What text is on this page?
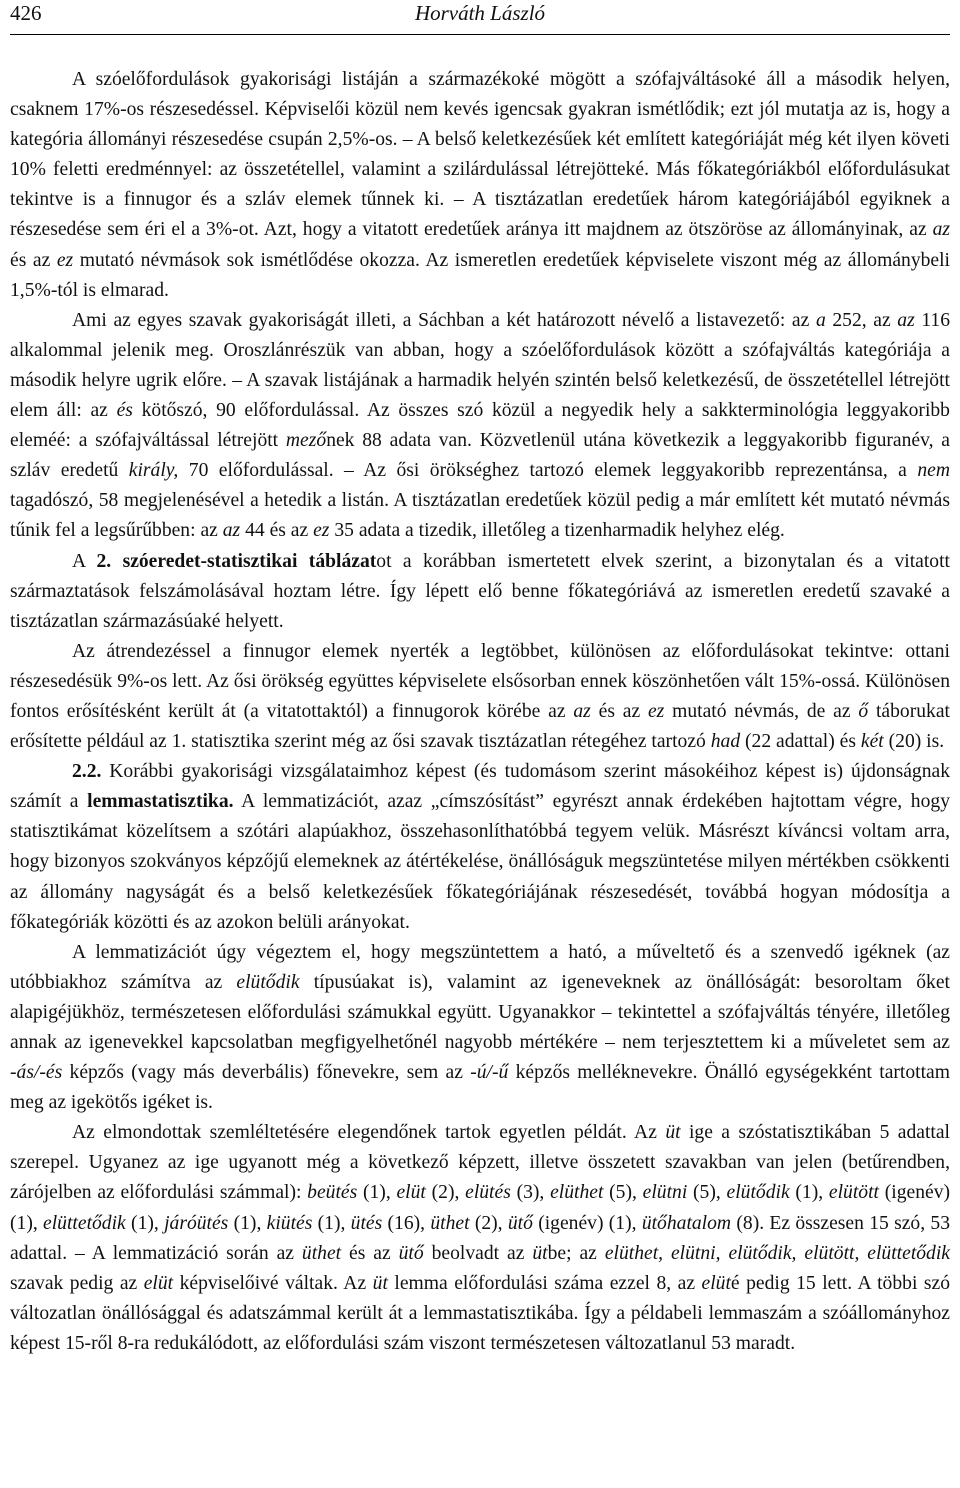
426	Horváth László

A szóelőfordulások gyakorisági listáján a származékoké mögött a szófajváltásoké áll a második helyen, csaknem 17%-os részesedéssel. Képviselői közül nem kevés igencsak gyakran ismétlődik; ezt jól mutatja az is, hogy a kategória állományi részesedése csupán 2,5%-os. – A belső keletkezésűek két említett kategóriáját még két ilyen követi 10% feletti eredménnyel: az összetétellel, valamint a szilárdulással létrejötteké. Más főkategóriákból előfordulásukat tekintve is a finnugor és a szláv elemek tűnnek ki. – A tisztázatlan eredetűek három kategóriájából egyiknek a részesedése sem éri el a 3%-ot. Azt, hogy a vitatott eredetűek aránya itt majdnem az ötszöröse az állományinak, az az és az ez mutató névmások sok ismétlődése okozza. Az ismeretlen eredetűek képviselete viszont még az állománybeli 1,5%-tól is elmarad.

Ami az egyes szavak gyakoriságát illeti, a Sáchban a két határozott névelő a listavezető: az a 252, az az 116 alkalommal jelenik meg. Oroszlánrészük van abban, hogy a szóelőfordulások között a szófajváltás kategóriája a második helyre ugrik előre. – A szavak listájának a harmadik helyén szintén belső keletkezésű, de összetétellel létrejött elem áll: az és kötőszó, 90 előfordulással. Az összes szó közül a negyedik hely a sakkterminológia leggyakoribb eleméé: a szófajváltással létrejött mezőnek 88 adata van. Közvetlenül utána következik a leggyakoribb figuranév, a szláv eredetű király, 70 előfordulással. – Az ősi örökséghez tartozó elemek leggyakoribb reprezentánsa, a nem tagadószó, 58 megjelenésével a hetedik a listán. A tisztázatlan eredetűek közül pedig a már említett két mutató névmás tűnik fel a legsűrűbben: az az 44 és az ez 35 adata a tizedik, illetőleg a tizenharmadik helyhez elég.

A 2. szóeredet-statisztikai táblázatot a korábban ismertetett elvek szerint, a bizonytalan és a vitatott származtatások felszámolásával hoztam létre. Így lépett elő benne főkategóriává az ismeretlen eredetű szavaké a tisztázatlan származásúaké helyett.

Az átrendezéssel a finnugor elemek nyerték a legtöbbet, különösen az előfordulásokat tekintve: ottani részesedésük 9%-os lett. Az ősi örökség együttes képviselete elsősorban ennek köszönhetően vált 15%-ossá. Különösen fontos erősítésként került át (a vitatottaktól) a finnugorok körébe az az és az ez mutató névmás, de az ő táborukat erősítette például az 1. statisztika szerint még az ősi szavak tisztázatlan rétegéhez tartozó had (22 adattal) és két (20) is.

2.2. Korábbi gyakorisági vizsgálataimhoz képest (és tudomásom szerint másokéihoz képest is) újdonságnak számít a lemmastatisztika. A lemmatizációt, azaz „címszósítást” egyrészt annak érdekében hajtottam végre, hogy statisztikámat közelítsem a szótári alapúakhoz, összehasonlíthatóbbá tegyem velük. Másrészt kíváncsi voltam arra, hogy bizonyos szokványos képzőjű elemeknek az átértékelése, önállóságuk megszüntetése milyen mértékben csökkenti az állomány nagyságát és a belső keletkezésűek főkategóriájának részesedését, továbbá hogyan módosítja a főkategóriák közötti és az azokon belüli arányokat.

A lemmatizációt úgy végeztem el, hogy megszüntettem a ható, a műveltető és a szenvedő igéknek (az utóbbiakhoz számítva az elütődik típusúakat is), valamint az igeneveknek az önállóságát: besoroltam őket alapigéjükhöz, természetesen előfordulási számukkal együtt. Ugyanakkor – tekintettel a szófajváltás tényére, illetőleg annak az igenevekkel kapcsolatban megfigyelhetőnél nagyobb mértékére – nem terjesztettem ki a műveletet sem az -ás/-és képzős (vagy más deverbális) főnevekre, sem az -ú/-ű képzős melléknevekre. Önálló egységekként tartottam meg az igekötős igéket is.

Az elmondottak szemléltetésére elegendőnek tartok egyetlen példát. Az üt ige a szóstatisztikában 5 adattal szerepel. Ugyanez az ige ugyanott még a következő képzett, illetve összetett szavakban van jelen (betűrendben, zárójelben az előfordulási számmal): beütés (1), elüt (2), elütés (3), elüthet (5), elütni (5), elütődik (1), elütött (igenév) (1), elüttetődik (1), járóütés (1), kiütés (1), ütés (16), üthet (2), ütő (igenév) (1), ütőhatalom (8). Ez összesen 15 szó, 53 adattal. – A lemmatizáció során az üthet és az ütő beolvadt az ütbe; az elüthet, elütni, elütődik, elütött, elüttetődik szavak pedig az elüt képviselőivé váltak. Az üt lemma előfordulási száma ezzel 8, az elüté pedig 15 lett. A többi szó változatlan önállósággal és adatszámmal került át a lemmastatisztikába. Így a példabeli lemmaszám a szóállományhoz képest 15-ről 8-ra redukálódott, az előfordulási szám viszont természetesen változatlanul 53 maradt.
